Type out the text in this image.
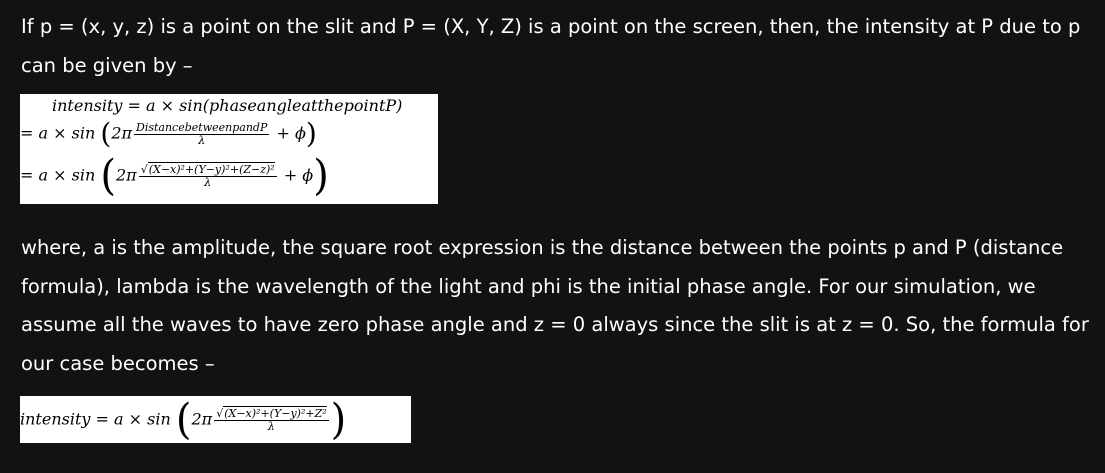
If p = (x, y, z) is a point on the slit and P = (X, Y, Z) is a point on the screen, then, the intensity at P due to p can be given by –

intensity = a × sin(phaseangleatthepointP)
= $a \times \sin (2\pi \frac{\text{DistancebetweenpandP}}{\lambda} + \phi)$
= $a \times \sin (2\pi \frac{\text{√(X−x)²+(Y−y)²+(Z−z)²}}{\lambda} + \phi)$

where, a is the amplitude, the square root expression is the distance between the points p and P (distance formula), lambda is the wavelength of the light and phi is the initial phase angle. For our simulation, we assume all the waves to have zero phase angle and z = 0 always since the slit is at z = 0. So, the formula for our case becomes –

intensity = $a \times \sin (2\pi \frac{\text{√(X−x)²+(Y−y)²+Z²}}{\lambda}$ )
